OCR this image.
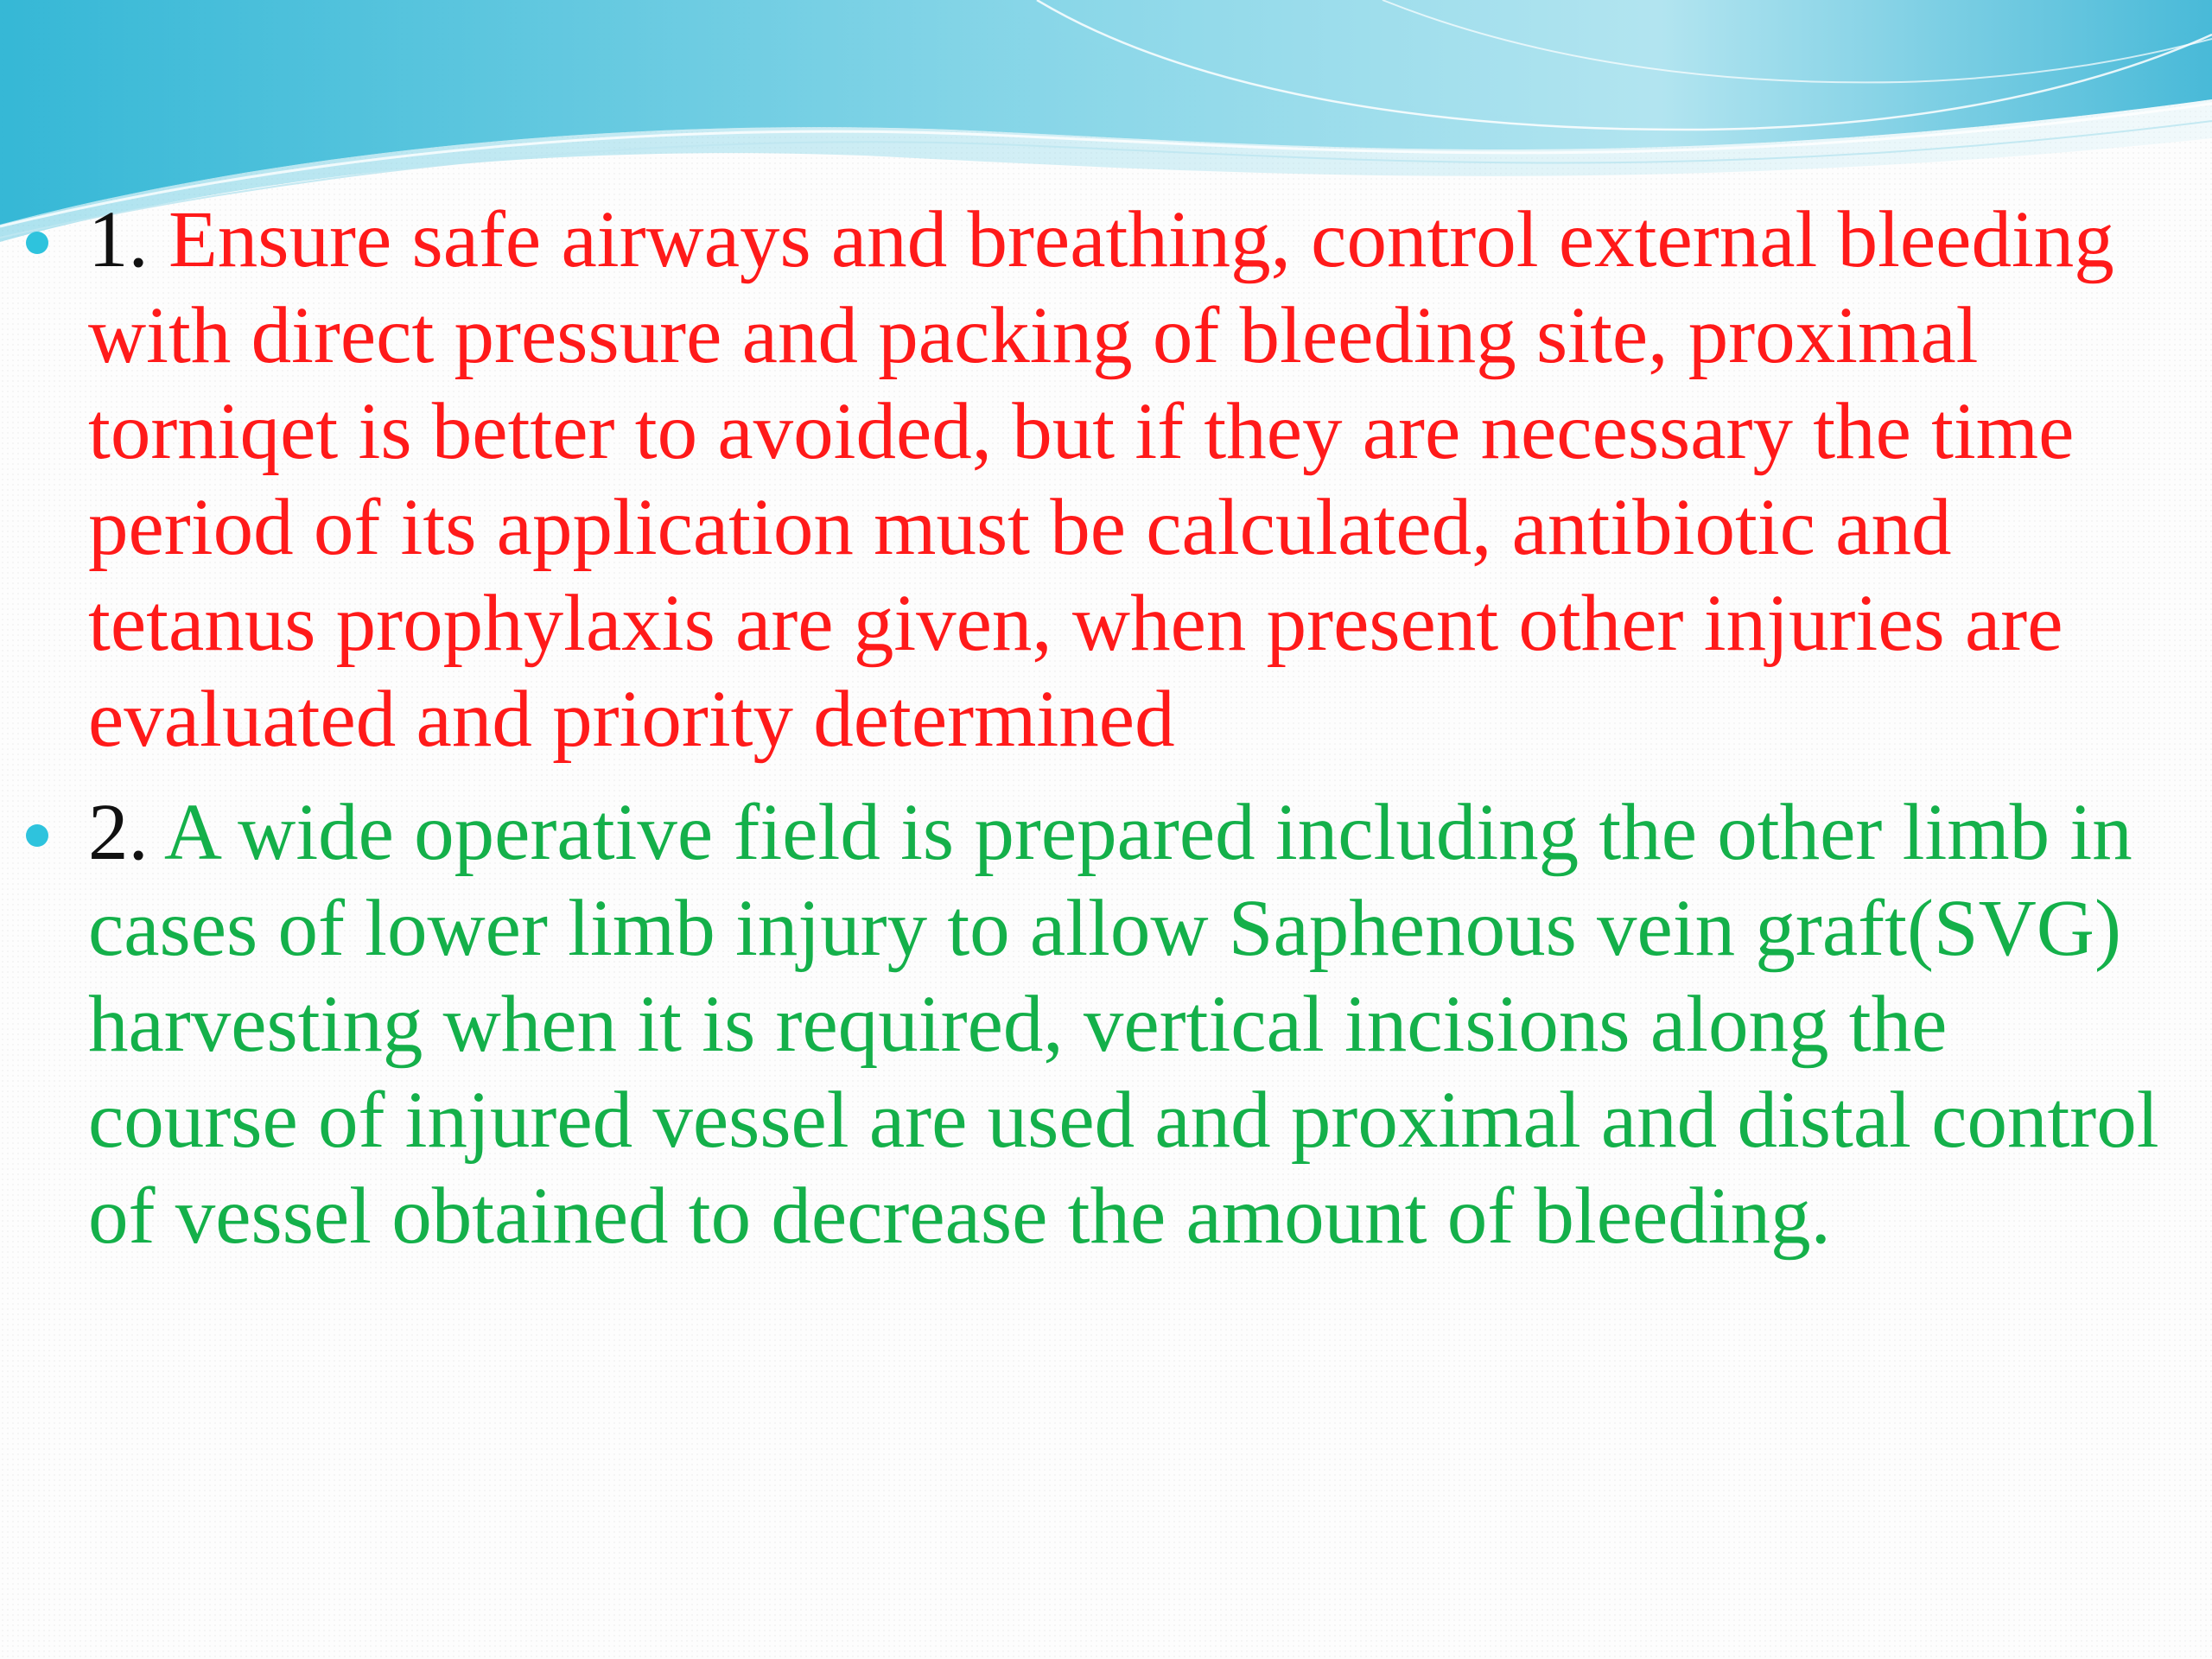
1. Ensure safe airways and breathing, control external bleeding with direct pressure and packing of bleeding site, proximal torniqet is better to avoided, but if they are necessary the time period of its application must be calculated, antibiotic and tetanus prophylaxis are given, when present other injuries are evaluated and priority determined
2. A wide operative field is prepared including the other limb in cases of lower limb injury to allow Saphenous vein graft(SVG) harvesting when it is required, vertical incisions along the course of injured vessel are used and proximal and distal control of vessel obtained to decrease the amount of bleeding.
